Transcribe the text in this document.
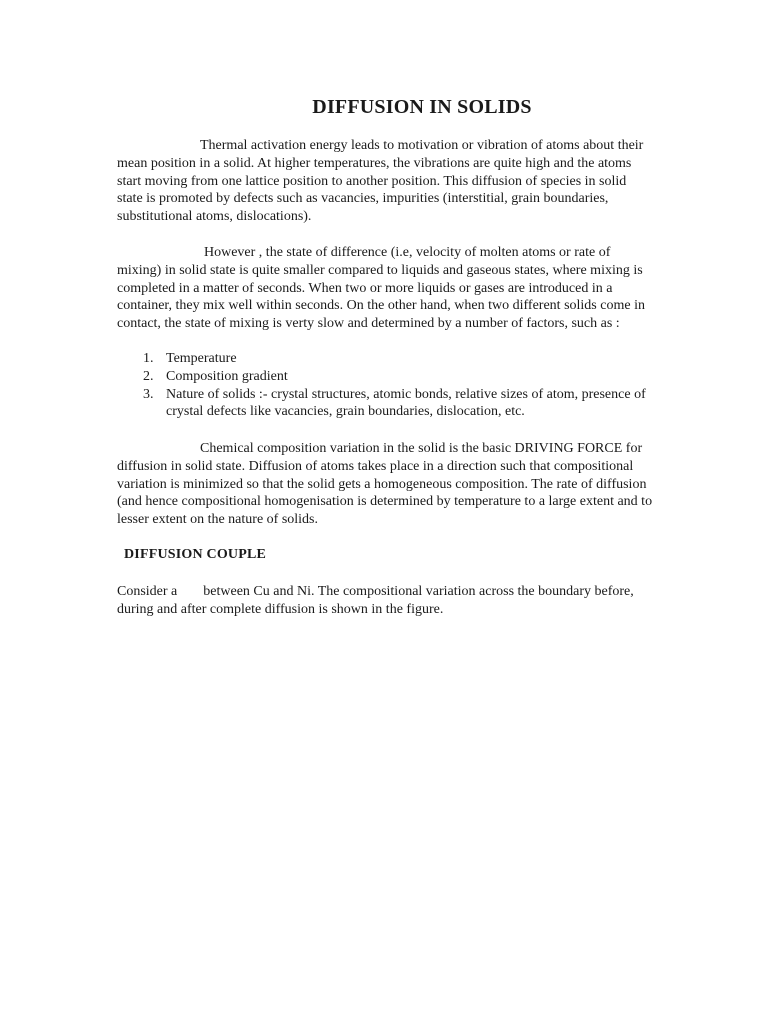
DIFFUSION IN SOLIDS

Thermal activation energy leads to motivation or vibration of atoms about their mean position in a solid. At higher temperatures, the vibrations are quite high and the atoms start moving from one lattice position to another position. This diffusion of species in solid state is promoted by defects such as vacancies, impurities (interstitial, grain boundaries, substitutional atoms, dislocations).

However , the state of difference (i.e, velocity of molten atoms or rate of mixing) in solid state is quite smaller compared to liquids and gaseous states, where mixing is completed in a matter of seconds. When two or more liquids or gases are introduced in a container, they mix well within seconds. On the other hand, when two different solids come in contact, the state of mixing is verty slow and determined by a number of factors, such as :

1. Temperature
2. Composition gradient
3. Nature of solids :- crystal structures, atomic bonds, relative sizes of atom, presence of crystal defects like vacancies, grain boundaries, dislocation, etc.

Chemical composition variation in the solid is the basic DRIVING FORCE for diffusion in solid state. Diffusion of atoms takes place in a direction such that compositional variation is minimized so that the solid gets a homogeneous composition. The rate of diffusion (and hence compositional homogenisation is determined by temperature to a large extent and to lesser extent on the nature of solids.

DIFFUSION COUPLE

Consider a between Cu and Ni. The compositional variation across the boundary before, during and after complete diffusion is shown in the figure.
